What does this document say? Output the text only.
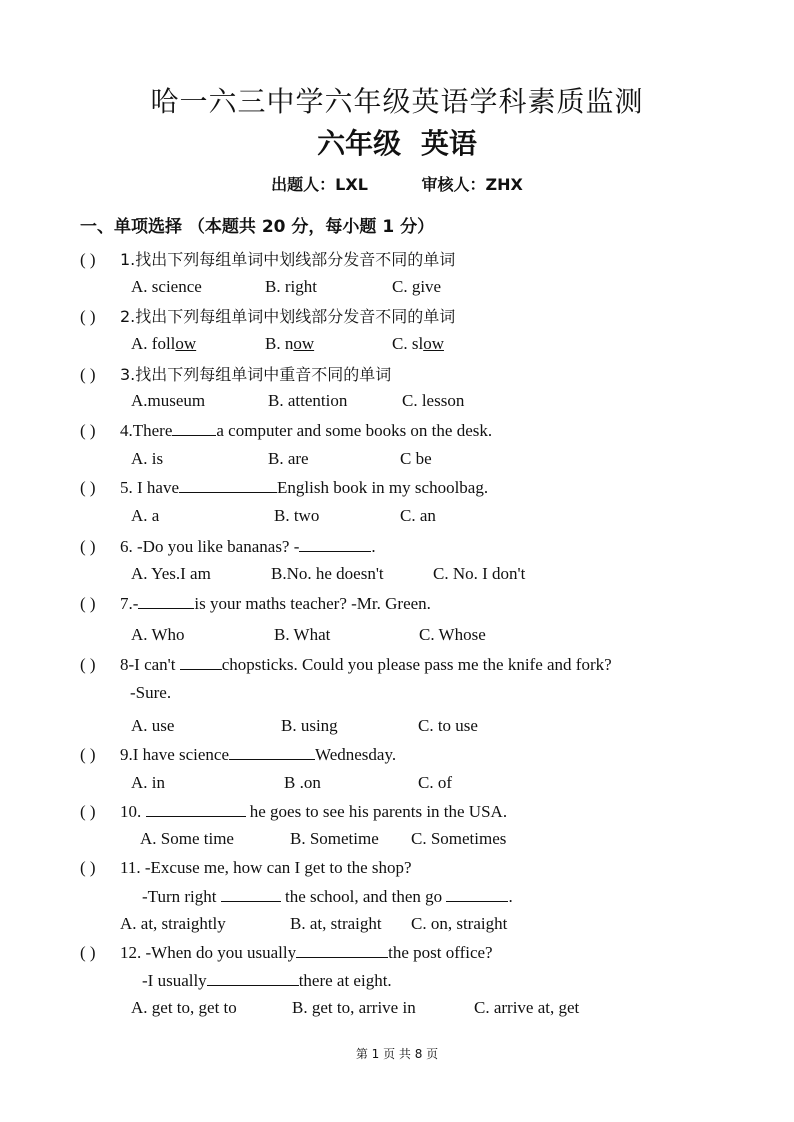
哈一六三中学六年级英语学科素质监测
六年级 英语
出题人：LXL	审核人：ZHX
一、单项选择 （本题共 20 分，每小题 1 分）
( ) 1.找出下列每组单词中划线部分发音不同的单词
A. science	B. right	C. give
( ) 2.找出下列每组单词中划线部分发音不同的单词
A. follow	B. now	C. slow
( ) 3.找出下列每组单词中重音不同的单词
A.museum	B. attention	C. lesson
( ) 4.There	a computer and some books on the desk.
A. is	B. are	C be
( ) 5. I have	English book in my schoolbag.
A. a	B. two	C. an
( ) 6. -Do you like bananas? -	.
A. Yes.I am	B.No. he doesn't	C. No. I don't
( ) 7.-	is your maths teacher? -Mr. Green.
A. Who	B. What	C. Whose
( ) 8-I can't chopsticks. Could you please pass me the knife and fork?
-Sure.
A. use	B. using	C. to use
( ) 9.I have science	Wednesday.
A. in	B .on	C. of
( ) 10.	he goes to see his parents in the USA.
A. Some time	B. Sometime C. Sometimes
( ) 11. -Excuse me, how can I get to the shop?
-Turn right	the school, and then go	.
A. at, straightly	B. at, straight C. on, straight
( ) 12. -When do you usually	the post office?
-I usually	there at eight.
A. get to, get to	B. get to, arrive in	C. arrive at, get
第 1 页 共 8 页
